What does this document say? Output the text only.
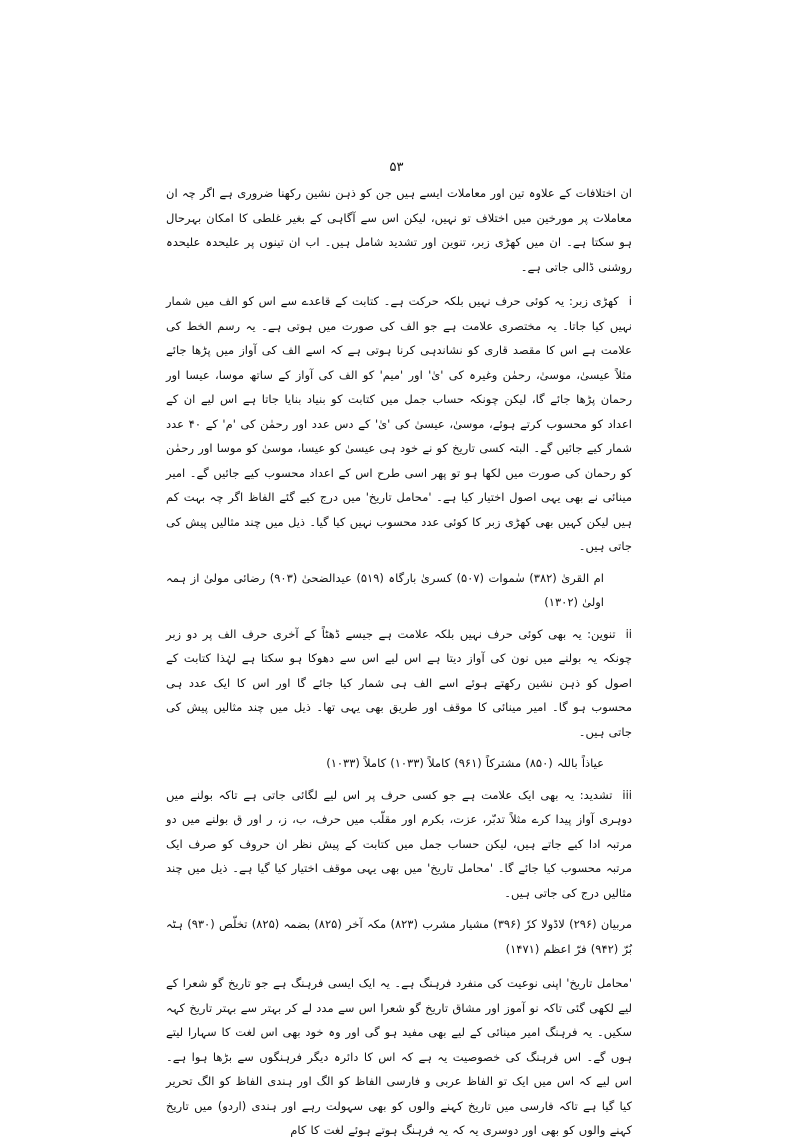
۵۳

ان اختلافات کے علاوہ تین اور معاملات ایسے ہیں جن کو ذہن نشین رکھنا ضروری ہے اگر چہ ان معاملات پر مورخین میں اختلاف تو نہیں، لیکن اس سے آگاہی کے بغیر غلطی کا امکان بہرحال ہو سکتا ہے۔ ان میں کھڑی زبر، تنوین اور تشدید شامل ہیں۔ اب ان تینوں پر علیحدہ علیحدہ روشنی ڈالی جاتی ہے۔

iکھڑی زبر: یہ کوئی حرف نہیں بلکہ حرکت ہے۔ کتابت کے قاعدے سے اس کو الف میں شمار نہیں کیا جاتا۔ یہ مختصری علامت ہے جو الف کی صورت میں ہوتی ہے۔ یہ رسم الخط کی علامت ہے اس کا مقصد قاری کو نشاندہی کرنا ہوتی ہے کہ اسے الف کی آواز میں پڑھا جائے مثلاً عیسیٰ، موسیٰ، رحمٰن وغیرہ کی 'یٰ' اور 'میم' کو الف کی آواز کے ساتھ موسا، عیسا اور رحمان پڑھا جائے گا، لیکن چونکہ حساب جمل میں کتابت کو بنیاد بنایا جاتا ہے اس لیے ان کے اعداد کو محسوب کرتے ہوئے، موسیٰ، عیسیٰ کی 'یٰ' کے دس عدد اور رحمٰن کی 'م' کے ۴۰ عدد شمار کیے جائیں گے۔ البتہ کسی تاریخ کو نے خود ہی عیسیٰ کو عیسا، موسیٰ کو موسا اور رحمٰن کو رحمان کی صورت میں لکھا ہو تو پھر اسی طرح اس کے اعداد محسوب کیے جائیں گے۔ امیر مینائی نے بھی یہی اصول اختیار کیا ہے۔ 'محامل تاریخ' میں درج کیے گئے الفاظ اگر چہ بہت کم ہیں لیکن کہیں بھی کھڑی زبر کا کوئی عدد محسوب نہیں کیا گیا۔ ذیل میں چند مثالیں پیش کی جاتی ہیں۔

ام القریٰ (۳۸۲) سٰموات (۵۰۷) کسریٰ بارگاہ (۵۱۹) عیدالضحیٰ (۹۰۳) رضائی مولیٰ از ہمہ اولیٰ (۱۳۰۲)

iiتنوین: یہ بھی کوئی حرف نہیں بلکہ علامت ہے جیسے ڈھٹاً کے آخری حرف الف پر دو زبر چونکہ یہ بولنے میں نون کی آواز دیتا ہے اس لیے اس سے دھوکا ہو سکتا ہے لہٰذا کتابت کے اصول کو ذہن نشین رکھتے ہوئے اسے الف ہی شمار کیا جائے گا اور اس کا ایک عدد ہی محسوب ہو گا۔ امیر مینائی کا موقف اور طریق بھی یہی تھا۔ ذیل میں چند مثالیں پیش کی جاتی ہیں۔

عیاذاً باللہ (۸۵۰) مشترکاً (۹۶۱) کاملاً (۱۰۳۳) کاملاً (۱۰۳۳)

iiiتشدید: یہ بھی ایک علامت ہے جو کسی حرف پر اس لیے لگائی جاتی ہے تاکہ بولنے میں دوہری آواز پیدا کرے مثلاً تدبّر، عزت، بکرم اور مقلّب میں حرف، ب، ز، ر اور ق بولنے میں دو مرتبہ ادا کیے جاتے ہیں، لیکن حساب جمل میں کتابت کے پیش نظر ان حروف کو صرف ایک مرتبہ محسوب کیا جائے گا۔ 'محامل تاریخ' میں بھی یہی موقف اختیار کیا گیا ہے۔ ذیل میں چند مثالیں درج کی جاتی ہیں۔

مربیان (۲۹۶) لاڈولا کرٗ (۳۹۶) مشیار مشرب (۸۲۳) مکہ آخر (۸۲۵) بضمہ (۸۲۵) تخلّص (۹۳۰) ہٹہ بُرّ (۹۴۲) فرّ اعظم (۱۴۷۱)

'محامل تاریخ' اپنی نوعیت کی منفرد فرہنگ ہے۔ یہ ایک ایسی فرہنگ ہے جو تاریخ گو شعرا کے لیے لکھی گئی تاکہ نو آموز اور مشاق تاریخ گو شعرا اس سے مدد لے کر بہتر سے بہتر تاریخ کہہ سکیں۔ یہ فرہنگ امیر مینائی کے لیے بھی مفید ہو گی اور وہ خود بھی اس لغت کا سہارا لیتے ہوں گے۔ اس فرہنگ کی خصوصیت یہ ہے کہ اس کا دائرہ دیگر فرہنگوں سے بڑھا ہوا ہے۔ اس لیے کہ اس میں ایک تو الفاظ عربی و فارسی الفاظ کو الگ اور ہندی الفاظ کو الگ تحریر کیا گیا ہے تاکہ فارسی میں تاریخ کہنے والوں کو بھی سہولت رہے اور ہندی (اردو) میں تاریخ کہنے والوں کو بھی اور دوسری یہ کہ یہ فرہنگ ہوتے ہوئے لغت کا کام
